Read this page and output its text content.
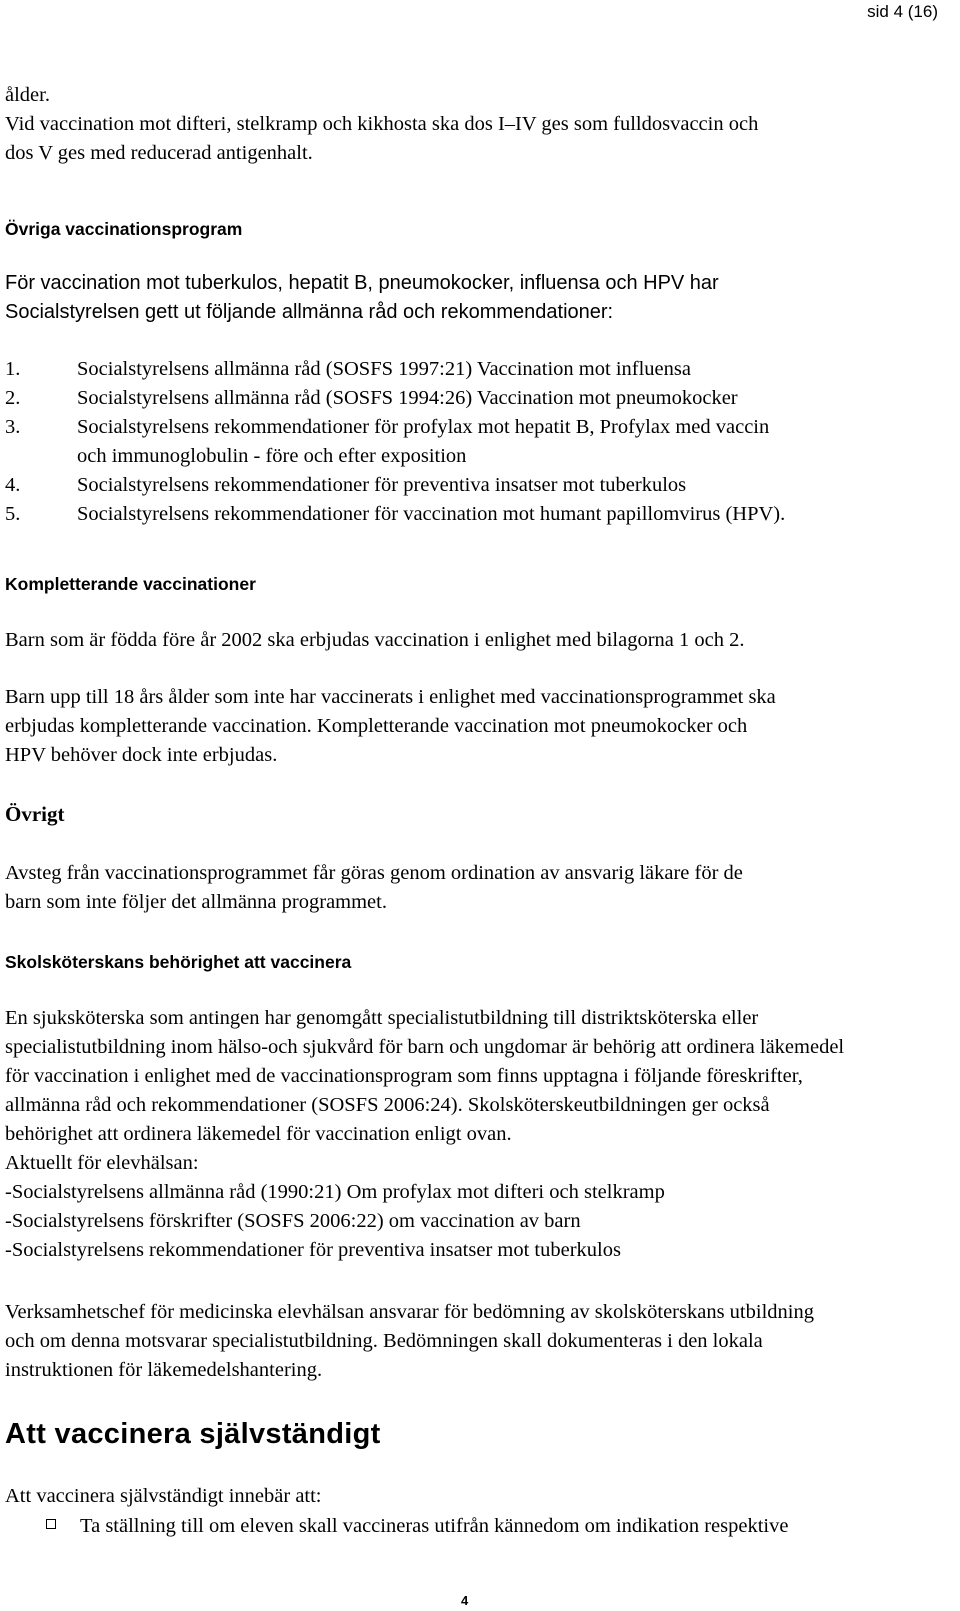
sid 4 (16)
ålder.
Vid vaccination mot difteri, stelkramp och kikhosta ska dos I–IV ges som fulldosvaccin och
dos V ges med reducerad antigenhalt.
Övriga vaccinationsprogram
För vaccination mot tuberkulos, hepatit B, pneumokocker, influensa och HPV har
Socialstyrelsen gett ut följande allmänna råd och rekommendationer:
1.	Socialstyrelsens allmänna råd (SOSFS 1997:21) Vaccination mot influensa
2.	Socialstyrelsens allmänna råd (SOSFS 1994:26) Vaccination mot pneumokocker
3.	Socialstyrelsens rekommendationer för profylax mot hepatit B, Profylax med vaccin
och immunoglobulin - före och efter exposition
4.	Socialstyrelsens rekommendationer för preventiva insatser mot tuberkulos
5.	Socialstyrelsens rekommendationer för vaccination mot humant papillomvirus (HPV).
Kompletterande vaccinationer
Barn som är födda före år 2002 ska erbjudas vaccination i enlighet med bilagorna 1 och 2.
Barn upp till 18 års ålder som inte har vaccinerats i enlighet med vaccinationsprogrammet ska
erbjudas kompletterande vaccination. Kompletterande vaccination mot pneumokocker och
HPV behöver dock inte erbjudas.
Övrigt
Avsteg från vaccinationsprogrammet får göras genom ordination av ansvarig läkare för de
barn som inte följer det allmänna programmet.
Skolsköterskans behörighet att vaccinera
En sjuksköterska som antingen har genomgått specialistutbildning till distriktsköterska eller
specialistutbildning inom hälso-och sjukvård för barn och ungdomar är behörig att ordinera läkemedel
för vaccination i enlighet med de vaccinationsprogram som finns upptagna i följande föreskrifter,
allmänna råd och rekommendationer (SOSFS 2006:24). Skolsköterskeutbildningen ger också
behörighet att ordinera läkemedel för vaccination enligt ovan.
Aktuellt för elevhälsan:
-Socialstyrelsens allmänna råd (1990:21) Om profylax mot difteri och stelkramp
-Socialstyrelsens förskrifter (SOSFS 2006:22) om vaccination av barn
-Socialstyrelsens rekommendationer för preventiva insatser mot tuberkulos
Verksamhetschef för medicinska elevhälsan ansvarar för bedömning av skolsköterskans utbildning
och om denna motsvarar specialistutbildning. Bedömningen skall dokumenteras i den lokala
instruktionen för läkemedelshantering.
Att vaccinera självständigt
Att vaccinera självständigt innebär att:
Ta ställning till om eleven skall vaccineras utifrån kännedom om indikation respektive
4
